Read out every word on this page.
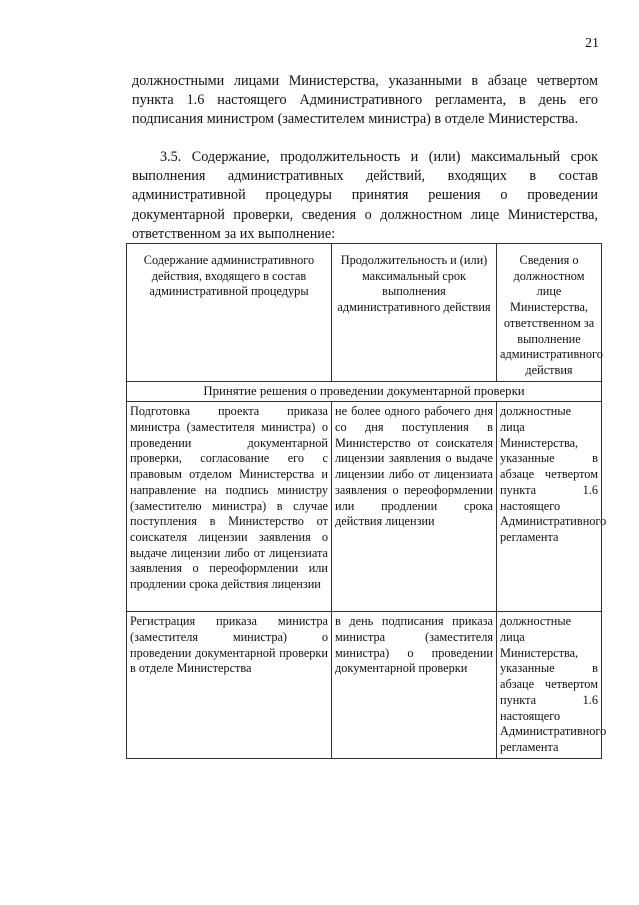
21

должностными лицами Министерства, указанными в абзаце четвертом пункта 1.6 настоящего Административного регламента, в день его подписания министром (заместителем министра) в отделе Министерства.

3.5. Содержание, продолжительность и (или) максимальный срок выполнения административных действий, входящих в состав административной процедуры принятия решения о проведении документарной проверки, сведения о должностном лице Министерства, ответственном за их выполнение:

Содержание административного действия, входящего в состав административной процедуры	Продолжительность и (или) максимальный срок выполнения административного действия	Сведения о должностном лице Министерства, ответственном за выполнение административного действия
Принятие решения о проведении документарной проверки		
Подготовка проекта приказа министра (заместителя министра) о проведении документарной проверки, согласование его с правовым отделом Министерства и направление на подпись министру (заместителю министра) в случае поступления в Министерство от соискателя лицензии заявления о выдаче лицензии либо от лицензиата заявления о переоформлении или продлении срока действия лицензии	не более одного рабочего дня со дня поступления в Министерство от соискателя лицензии заявления о выдаче лицензии либо от лицензиата заявления о переоформлении или продлении срока действия лицензии	должностные лица Министерства, указанные в абзаце четвертом пункта 1.6 настоящего Административного регламента
Регистрация приказа министра (заместителя министра) о проведении документарной проверки в отделе Министерства	в день подписания приказа министра (заместителя министра) о проведении документарной проверки	должностные лица Министерства, указанные в абзаце четвертом пункта 1.6 настоящего Административного регламента
